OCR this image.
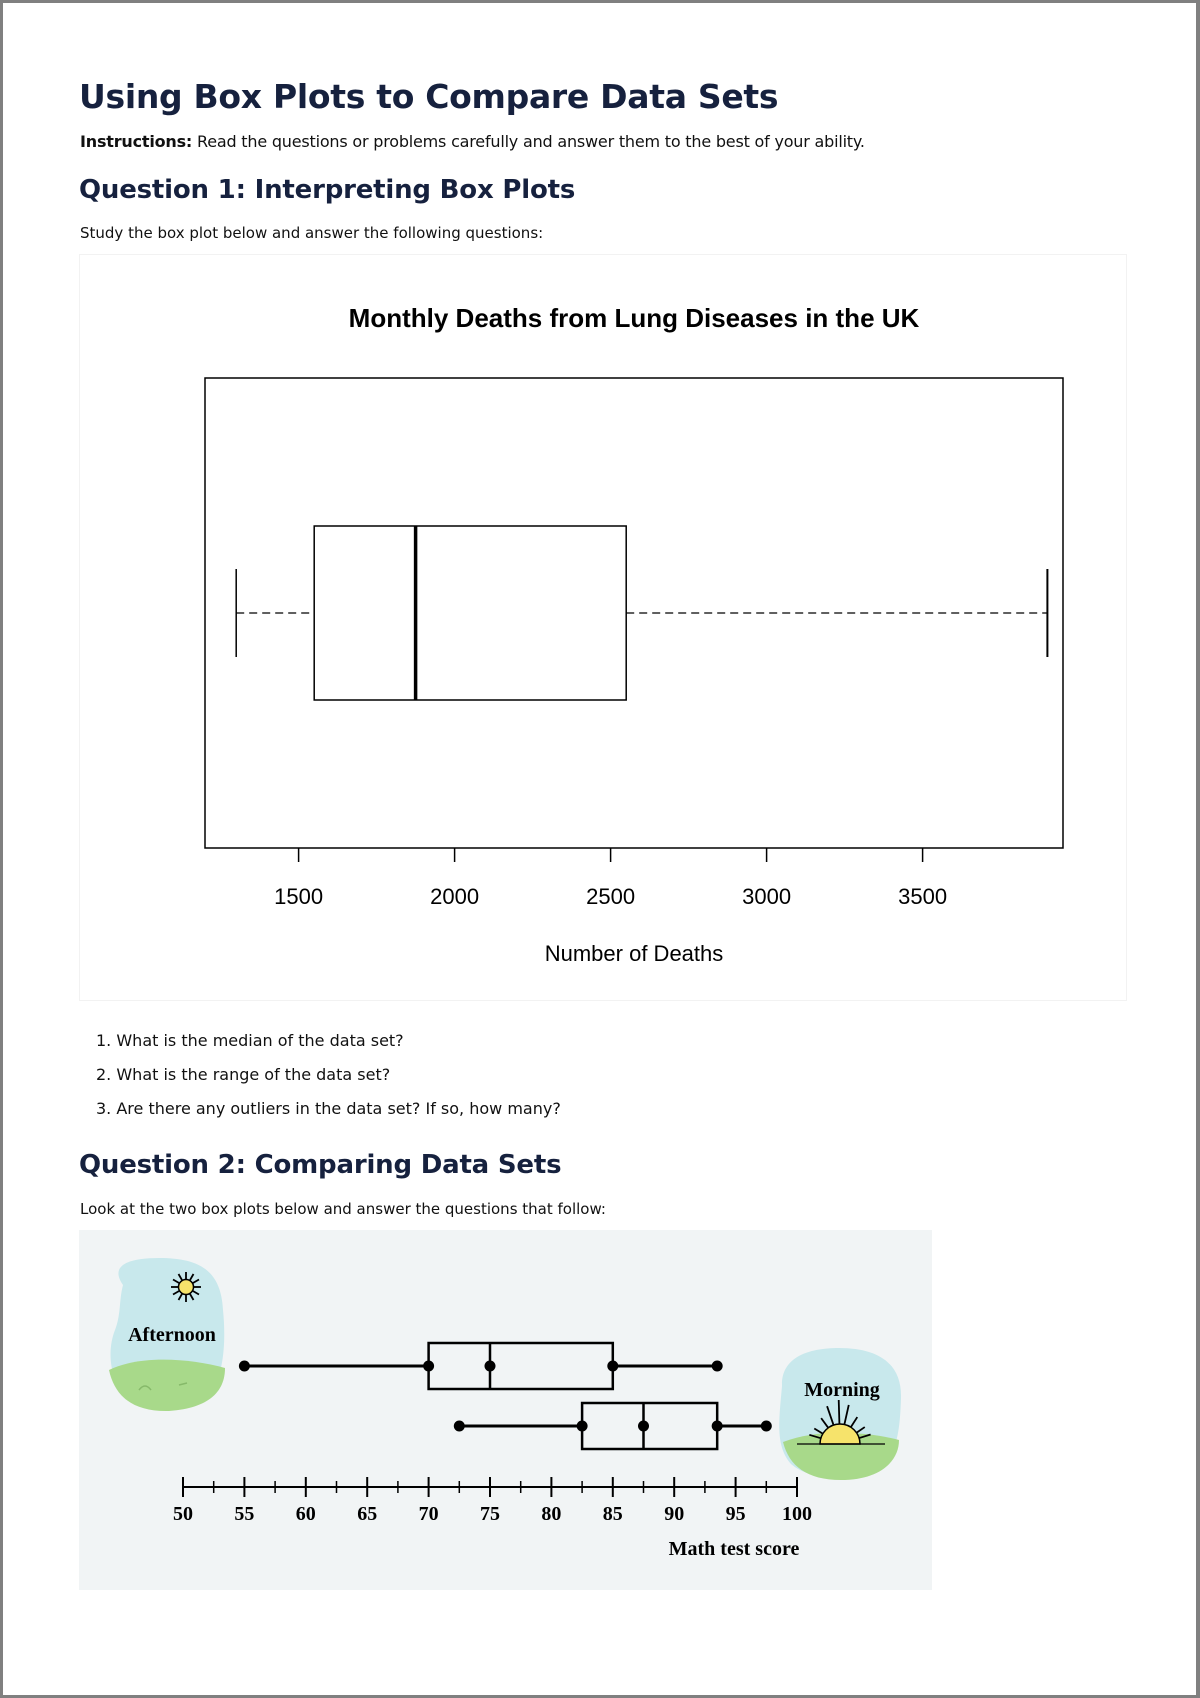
Using Box Plots to Compare Data Sets

Instructions: Read the questions or problems carefully and answer them to the best of your ability.

Question 1: Interpreting Box Plots

Study the box plot below and answer the following questions:

Monthly Deaths from Lung Diseases in the UK
1500	2000	2500	3000	3500
Number of Deaths
1. What is the median of the data set?
2. What is the range of the data set?
3. Are there any outliers in the data set? If so, how many?
Question 2: Comparing Data Sets

Look at the two box plots below and answer the questions that follow:

50 55 60 65 70 75 80 85 90 95 100
Math test score
Afternoon
Morning
